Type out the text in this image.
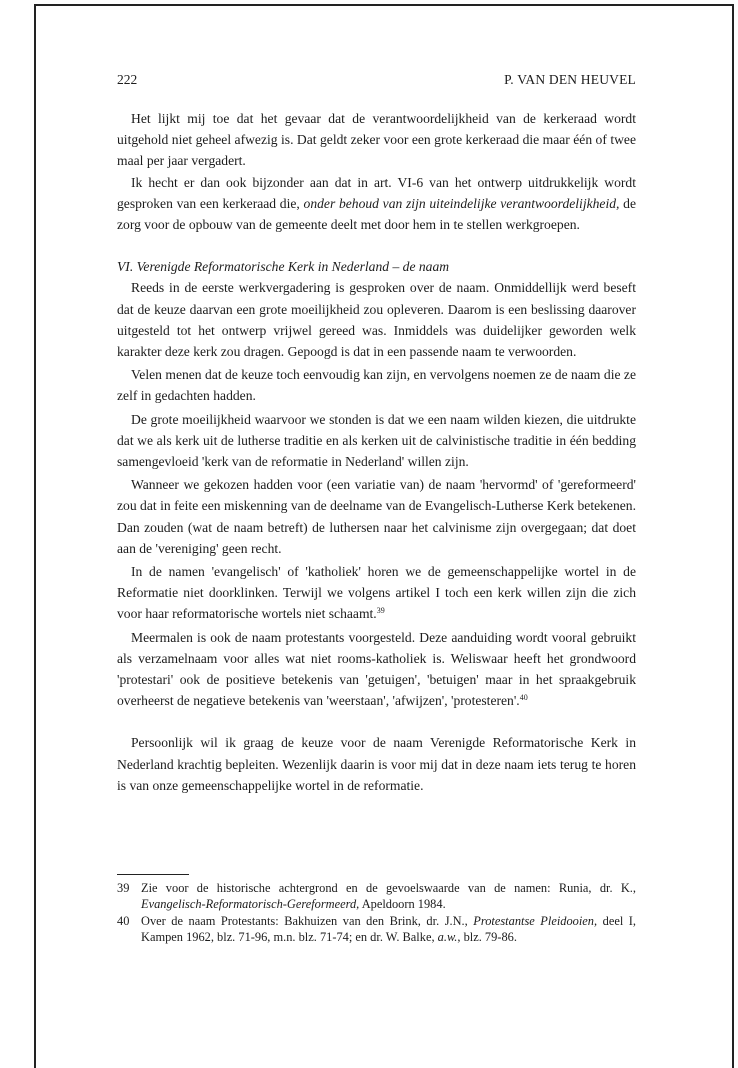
222	P. VAN DEN HEUVEL

Het lijkt mij toe dat het gevaar dat de verantwoordelijkheid van de kerkeraad wordt uitgehold niet geheel afwezig is. Dat geldt zeker voor een grote kerkeraad die maar één of twee maal per jaar vergadert.

Ik hecht er dan ook bijzonder aan dat in art. VI-6 van het ontwerp uitdrukkelijk wordt gesproken van een kerkeraad die, onder behoud van zijn uiteindelijke verantwoordelijkheid, de zorg voor de opbouw van de gemeente deelt met door hem in te stellen werkgroepen.

VI. Verenigde Reformatorische Kerk in Nederland – de naam

Reeds in de eerste werkvergadering is gesproken over de naam. Onmiddellijk werd beseft dat de keuze daarvan een grote moeilijkheid zou opleveren. Daarom is een beslissing daarover uitgesteld tot het ontwerp vrijwel gereed was. Inmiddels was duidelijker geworden welk karakter deze kerk zou dragen. Gepoogd is dat in een passende naam te verwoorden.

Velen menen dat de keuze toch eenvoudig kan zijn, en vervolgens noemen ze de naam die ze zelf in gedachten hadden.

De grote moeilijkheid waarvoor we stonden is dat we een naam wilden kiezen, die uitdrukte dat we als kerk uit de lutherse traditie en als kerken uit de calvinistische traditie in één bedding samengevloeid 'kerk van de reformatie in Nederland' willen zijn.

Wanneer we gekozen hadden voor (een variatie van) de naam 'hervormd' of 'gereformeerd' zou dat in feite een miskenning van de deelname van de Evangelisch-Lutherse Kerk betekenen. Dan zouden (wat de naam betreft) de luthersen naar het calvinisme zijn overgegaan; dat doet aan de 'vereniging' geen recht.

In de namen 'evangelisch' of 'katholiek' horen we de gemeenschappelijke wortel in de Reformatie niet doorklinken. Terwijl we volgens artikel I toch een kerk willen zijn die zich voor haar reformatorische wortels niet schaamt.$^{39}$

Meermalen is ook de naam protestants voorgesteld. Deze aanduiding wordt vooral gebruikt als verzamelnaam voor alles wat niet rooms-katholiek is. Weliswaar heeft het grondwoord 'protestari' ook de positieve betekenis van 'getuigen', 'betuigen' maar in het spraakgebruik overheerst de negatieve betekenis van 'weerstaan', 'afwijzen', 'protesteren'.$^{40}$

Persoonlijk wil ik graag de keuze voor de naam Verenigde Reformatorische Kerk in Nederland krachtig bepleiten. Wezenlijk daarin is voor mij dat in deze naam iets terug te horen is van onze gemeenschappelijke wortel in de reformatie.

39 Zie voor de historische achtergrond en de gevoelswaarde van de namen: Runia, dr. K., Evangelisch-Reformatorisch-Gereformeerd, Apeldoorn 1984.
40 Over de naam Protestants: Bakhuizen van den Brink, dr. J.N., Protestantse Pleidooien, deel I, Kampen 1962, blz. 71-96, m.n. blz. 71-74; en dr. W. Balke, a.w., blz. 79-86.
